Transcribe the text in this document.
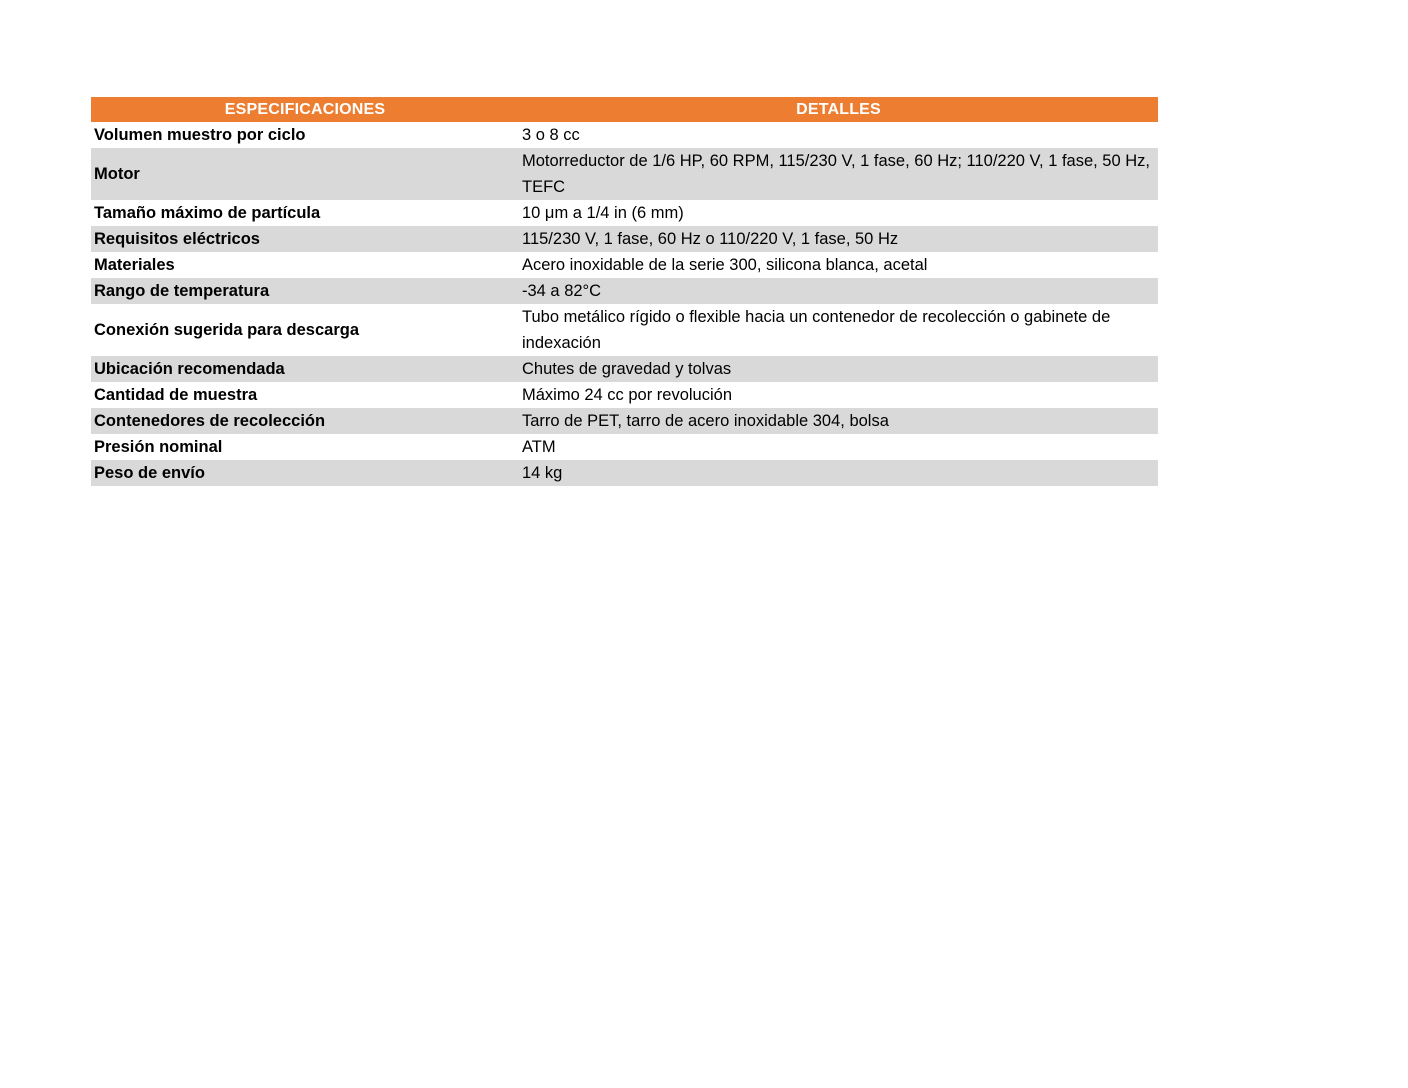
ESPECIFICACIONES	DETALLES
Volumen muestro por ciclo	3 o 8 cc
Motor	Motorreductor de 1/6 HP, 60 RPM, 115/230 V, 1 fase, 60 Hz; 110/220 V, 1 fase, 50 Hz, TEFC
Tamaño máximo de partícula	10 μm a 1/4 in (6 mm)
Requisitos eléctricos	115/230 V, 1 fase, 60 Hz o 110/220 V, 1 fase, 50 Hz
Materiales	Acero inoxidable de la serie 300, silicona blanca, acetal
Rango de temperatura	-34 a 82°C
Conexión sugerida para descarga	Tubo metálico rígido o flexible hacia un contenedor de recolección o gabinete de indexación
Ubicación recomendada	Chutes de gravedad y tolvas
Cantidad de muestra	Máximo 24 cc por revolución
Contenedores de recolección	Tarro de PET, tarro de acero inoxidable 304, bolsa
Presión nominal	ATM
Peso de envío	14 kg
